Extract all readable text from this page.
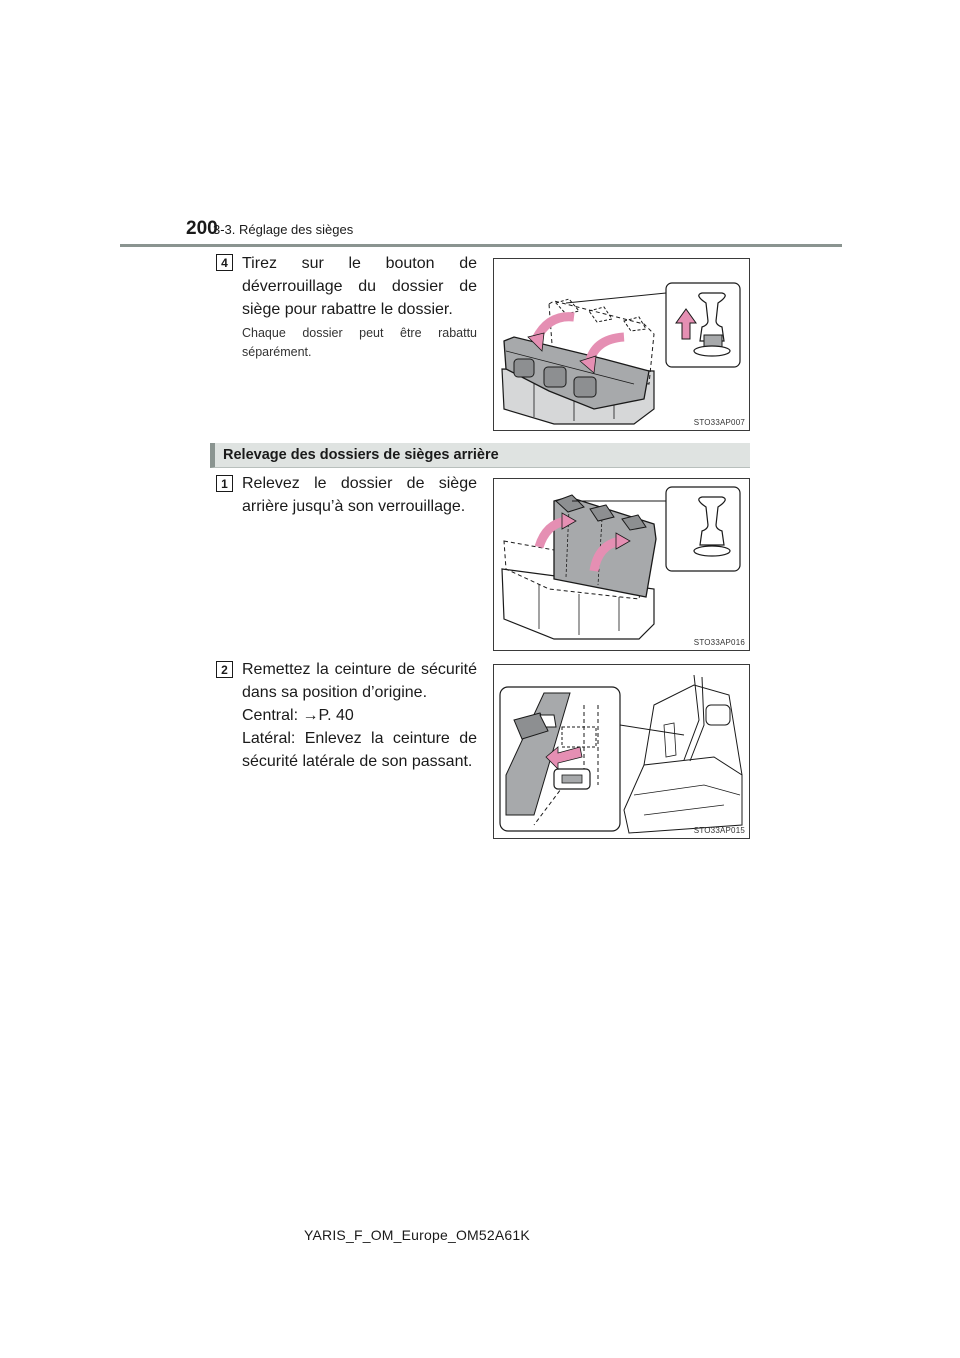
200
3-3. Réglage des sièges
4 Tirez sur le bouton de déverrouillage du dossier de siège pour rabattre le dossier.

Chaque dossier peut être rabattu séparément.
STO33AP007
Relevage des dossiers de sièges arrière
1 Relevez le dossier de siège arrière jusqu’à son verrouillage.

STO33AP016
2 Remettez la ceinture de sécurité dans sa position d’origine.

Central: →P. 40

Latéral: Enlevez la ceinture de sécurité latérale de son passant.

STO33AP015
YARIS_F_OM_Europe_OM52A61K
